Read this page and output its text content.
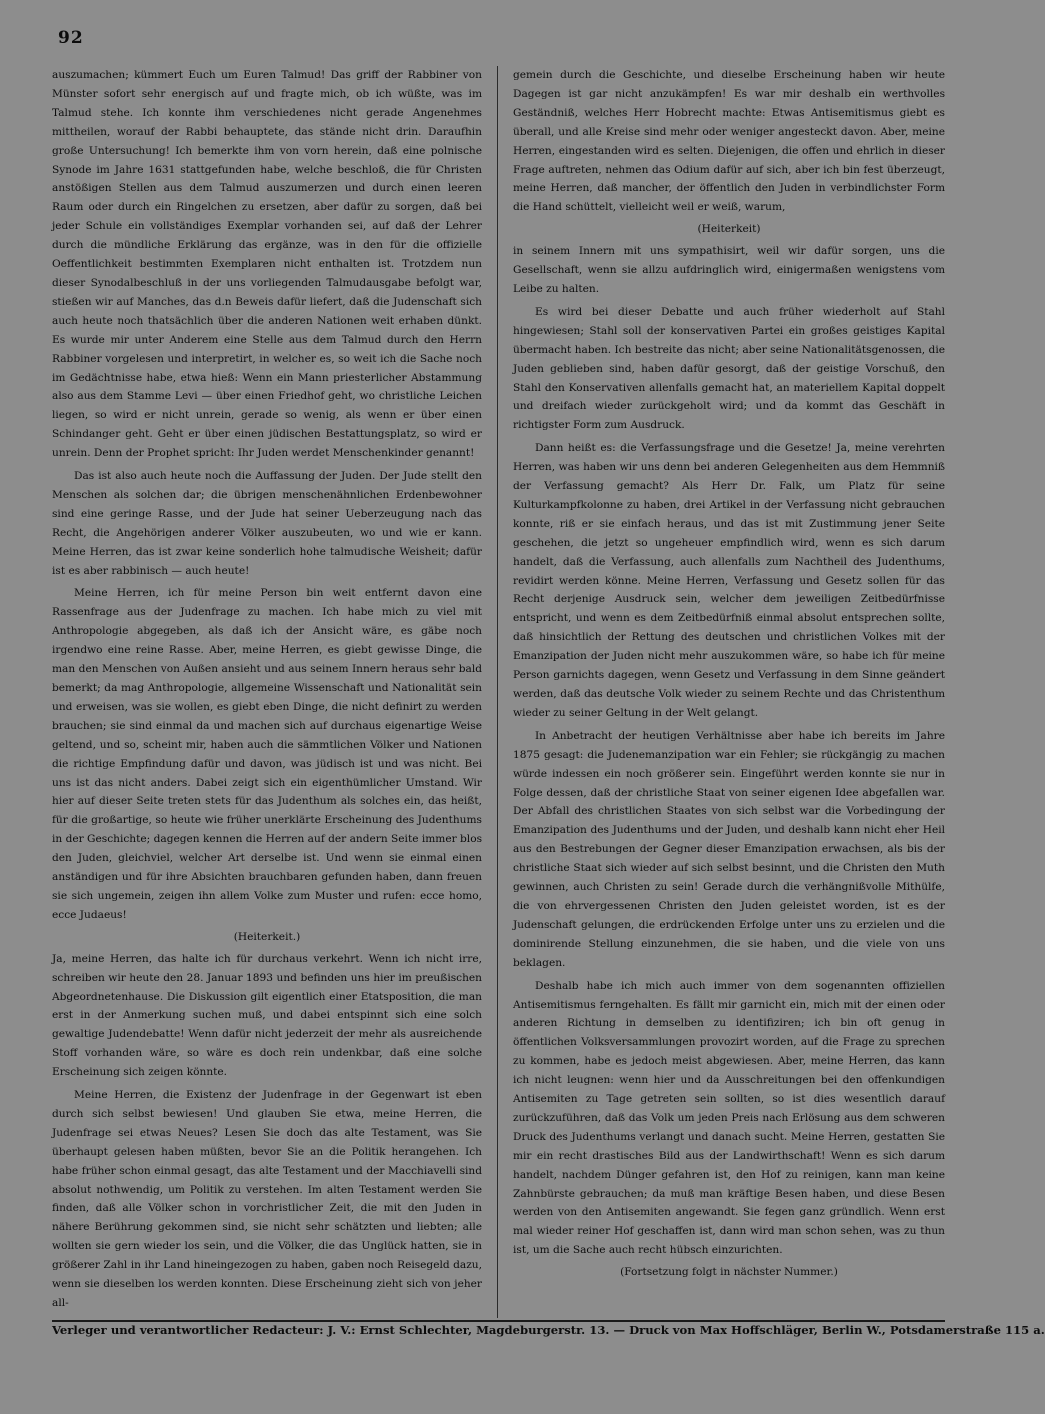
92

auszumachen; kümmert Euch um Euren Talmud! Das griff der Rabbiner von Münster sofort sehr energisch auf und fragte mich, ob ich wüßte, was im Talmud stehe. Ich konnte ihm verschiedenes nicht gerade Angenehmes mittheilen, worauf der Rabbi behauptete, das stände nicht drin. Daraufhin große Untersuchung! Ich bemerkte ihm von vorn herein, daß eine polnische Synode im Jahre 1631 stattgefunden habe, welche beschloß, die für Christen anstößigen Stellen aus dem Talmud auszumerzen und durch einen leeren Raum oder durch ein Ringelchen zu ersetzen, aber dafür zu sorgen, daß bei jeder Schule ein vollständiges Exemplar vorhanden sei, auf daß der Lehrer durch die mündliche Erklärung das ergänze, was in den für die offizielle Oeffentlichkeit bestimmten Exemplaren nicht enthalten ist. Trotzdem nun dieser Synodalbeschluß in der uns vorliegenden Talmudausgabe befolgt war, stießen wir auf Manches, das d.n Beweis dafür liefert, daß die Judenschaft sich auch heute noch thatsächlich über die anderen Nationen weit erhaben dünkt. Es wurde mir unter Anderem eine Stelle aus dem Talmud durch den Herrn Rabbiner vorgelesen und interpretirt, in welcher es, so weit ich die Sache noch im Gedächtnisse habe, etwa hieß: Wenn ein Mann priesterlicher Abstammung also aus dem Stamme Levi — über einen Friedhof geht, wo christliche Leichen liegen, so wird er nicht unrein, gerade so wenig, als wenn er über einen Schindanger geht. Geht er über einen jüdischen Bestattungsplatz, so wird er unrein. Denn der Prophet spricht: Ihr Juden werdet Menschenkinder genannt!

Das ist also auch heute noch die Auffassung der Juden. Der Jude stellt den Menschen als solchen dar; die übrigen menschenähnlichen Erdenbewohner sind eine geringe Rasse, und der Jude hat seiner Ueberzeugung nach das Recht, die Angehörigen anderer Völker auszubeuten, wo und wie er kann. Meine Herren, das ist zwar keine sonderlich hohe talmudische Weisheit; dafür ist es aber rabbinisch — auch heute!

Meine Herren, ich für meine Person bin weit entfernt davon eine Rassenfrage aus der Judenfrage zu machen. Ich habe mich zu viel mit Anthropologie abgegeben, als daß ich der Ansicht wäre, es gäbe noch irgendwo eine reine Rasse. Aber, meine Herren, es giebt gewisse Dinge, die man den Menschen von Außen ansieht und aus seinem Innern heraus sehr bald bemerkt; da mag Anthropologie, allgemeine Wissenschaft und Nationalität sein und erweisen, was sie wollen, es giebt eben Dinge, die nicht definirt zu werden brauchen; sie sind einmal da und machen sich auf durchaus eigenartige Weise geltend, und so, scheint mir, haben auch die sämmtlichen Völker und Nationen die richtige Empfindung dafür und davon, was jüdisch ist und was nicht. Bei uns ist das nicht anders. Dabei zeigt sich ein eigenthümlicher Umstand. Wir hier auf dieser Seite treten stets für das Judenthum als solches ein, das heißt, für die großartige, so heute wie früher unerklärte Erscheinung des Judenthums in der Geschichte; dagegen kennen die Herren auf der andern Seite immer blos den Juden, gleichviel, welcher Art derselbe ist. Und wenn sie einmal einen anständigen und für ihre Absichten brauchbaren gefunden haben, dann freuen sie sich ungemein, zeigen ihn allem Volke zum Muster und rufen: ecce homo, ecce Judaeus!

(Heiterkeit.)

Ja, meine Herren, das halte ich für durchaus verkehrt. Wenn ich nicht irre, schreiben wir heute den 28. Januar 1893 und befinden uns hier im preußischen Abgeordnetenhause. Die Diskussion gilt eigentlich einer Etatsposition, die man erst in der Anmerkung suchen muß, und dabei entspinnt sich eine solch gewaltige Judendebatte! Wenn dafür nicht jederzeit der mehr als ausreichende Stoff vorhanden wäre, so wäre es doch rein undenkbar, daß eine solche Erscheinung sich zeigen könnte.

Meine Herren, die Existenz der Judenfrage in der Gegenwart ist eben durch sich selbst bewiesen! Und glauben Sie etwa, meine Herren, die Judenfrage sei etwas Neues? Lesen Sie doch das alte Testament, was Sie überhaupt gelesen haben müßten, bevor Sie an die Politik herangehen. Ich habe früher schon einmal gesagt, das alte Testament und der Macchiavelli sind absolut nothwendig, um Politik zu verstehen. Im alten Testament werden Sie finden, daß alle Völker schon in vorchristlicher Zeit, die mit den Juden in nähere Berührung gekommen sind, sie nicht sehr schätzten und liebten; alle wollten sie gern wieder los sein, und die Völker, die das Unglück hatten, sie in größerer Zahl in ihr Land hineingezogen zu haben, gaben noch Reisegeld dazu, wenn sie dieselben los werden konnten. Diese Erscheinung zieht sich von jeher all-

gemein durch die Geschichte, und dieselbe Erscheinung haben wir heute Dagegen ist gar nicht anzukämpfen! Es war mir deshalb ein werthvolles Geständniß, welches Herr Hobrecht machte: Etwas Antisemitismus giebt es überall, und alle Kreise sind mehr oder weniger angesteckt davon. Aber, meine Herren, eingestanden wird es selten. Diejenigen, die offen und ehrlich in dieser Frage auftreten, nehmen das Odium dafür auf sich, aber ich bin fest überzeugt, meine Herren, daß mancher, der öffentlich den Juden in verbindlichster Form die Hand schüttelt, vielleicht weil er weiß, warum,

(Heiterkeit)

in seinem Innern mit uns sympathisirt, weil wir dafür sorgen, uns die Gesellschaft, wenn sie allzu aufdringlich wird, einigermaßen wenigstens vom Leibe zu halten.

Es wird bei dieser Debatte und auch früher wiederholt auf Stahl hingewiesen; Stahl soll der konservativen Partei ein großes geistiges Kapital übermacht haben. Ich bestreite das nicht; aber seine Nationalitätsgenossen, die Juden geblieben sind, haben dafür gesorgt, daß der geistige Vorschuß, den Stahl den Konservativen allenfalls gemacht hat, an materiellem Kapital doppelt und dreifach wieder zurückgeholt wird; und da kommt das Geschäft in richtigster Form zum Ausdruck.

Dann heißt es: die Verfassungsfrage und die Gesetze! Ja, meine verehrten Herren, was haben wir uns denn bei anderen Gelegenheiten aus dem Hemmniß der Verfassung gemacht? Als Herr Dr. Falk, um Platz für seine Kulturkampfkolonne zu haben, drei Artikel in der Verfassung nicht gebrauchen konnte, riß er sie einfach heraus, und das ist mit Zustimmung jener Seite geschehen, die jetzt so ungeheuer empfindlich wird, wenn es sich darum handelt, daß die Verfassung, auch allenfalls zum Nachtheil des Judenthums, revidirt werden könne. Meine Herren, Verfassung und Gesetz sollen für das Recht derjenige Ausdruck sein, welcher dem jeweiligen Zeitbedürfnisse entspricht, und wenn es dem Zeitbedürfniß einmal absolut entsprechen sollte, daß hinsichtlich der Rettung des deutschen und christlichen Volkes mit der Emanzipation der Juden nicht mehr auszukommen wäre, so habe ich für meine Person garnichts dagegen, wenn Gesetz und Verfassung in dem Sinne geändert werden, daß das deutsche Volk wieder zu seinem Rechte und das Christenthum wieder zu seiner Geltung in der Welt gelangt.

In Anbetracht der heutigen Verhältnisse aber habe ich bereits im Jahre 1875 gesagt: die Judenemanzipation war ein Fehler; sie rückgängig zu machen würde indessen ein noch größerer sein. Eingeführt werden konnte sie nur in Folge dessen, daß der christliche Staat von seiner eigenen Idee abgefallen war. Der Abfall des christlichen Staates von sich selbst war die Vorbedingung der Emanzipation des Judenthums und der Juden, und deshalb kann nicht eher Heil aus den Bestrebungen der Gegner dieser Emanzipation erwachsen, als bis der christliche Staat sich wieder auf sich selbst besinnt, und die Christen den Muth gewinnen, auch Christen zu sein! Gerade durch die verhängnißvolle Mithülfe, die von ehrvergessenen Christen den Juden geleistet worden, ist es der Judenschaft gelungen, die erdrückenden Erfolge unter uns zu erzielen und die dominirende Stellung einzunehmen, die sie haben, und die viele von uns beklagen.

Deshalb habe ich mich auch immer von dem sogenannten offiziellen Antisemitismus ferngehalten. Es fällt mir garnicht ein, mich mit der einen oder anderen Richtung in demselben zu identifiziren; ich bin oft genug in öffentlichen Volksversammlungen provozirt worden, auf die Frage zu sprechen zu kommen, habe es jedoch meist abgewiesen. Aber, meine Herren, das kann ich nicht leugnen: wenn hier und da Ausschreitungen bei den offenkundigen Antisemiten zu Tage getreten sein sollten, so ist dies wesentlich darauf zurückzuführen, daß das Volk um jeden Preis nach Erlösung aus dem schweren Druck des Judenthums verlangt und danach sucht. Meine Herren, gestatten Sie mir ein recht drastisches Bild aus der Landwirthschaft! Wenn es sich darum handelt, nachdem Dünger gefahren ist, den Hof zu reinigen, kann man keine Zahnbürste gebrauchen; da muß man kräftige Besen haben, und diese Besen werden von den Antisemiten angewandt. Sie fegen ganz gründlich. Wenn erst mal wieder reiner Hof geschaffen ist, dann wird man schon sehen, was zu thun ist, um die Sache auch recht hübsch einzurichten.

(Fortsetzung folgt in nächster Nummer.)

Verleger und verantwortlicher Redacteur: J. V.: Ernst Schlechter, Magdeburgerstr. 13. — Druck von Max Hoffschläger, Berlin W., Potsdamerstraße 115 a.
